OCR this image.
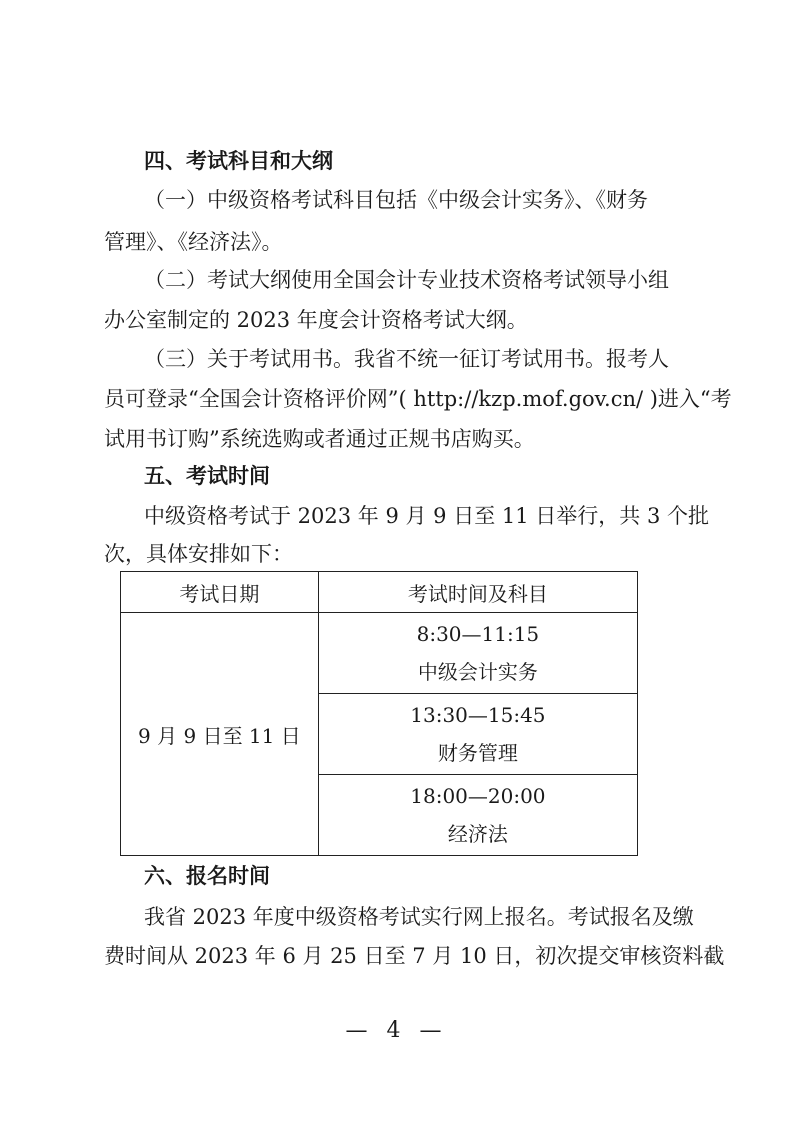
四、考试科目和大纲
（一）中级资格考试科目包括《中级会计实务》、《财务
管理》、《经济法》。
（二）考试大纲使用全国会计专业技术资格考试领导小组
办公室制定的 2023 年度会计资格考试大纲。
（三）关于考试用书。我省不统一征订考试用书。报考人
员可登录“全国会计资格评价网”( http://kzp.mof.gov.cn/ )进入“考
试用书订购”系统选购或者通过正规书店购买。
五、考试时间
中级资格考试于 2023 年 9 月 9 日至 11 日举行，共 3 个批
次，具体安排如下：
考试日期	考试时间及科目
9 月 9 日至 11 日	8:30—11:15
中级会计实务

	13:30—15:45
财务管理

	18:00—20:00
经济法
六、报名时间
我省 2023 年度中级资格考试实行网上报名。考试报名及缴
费时间从 2023 年 6 月 25 日至 7 月 10 日，初次提交审核资料截
— 4 —
